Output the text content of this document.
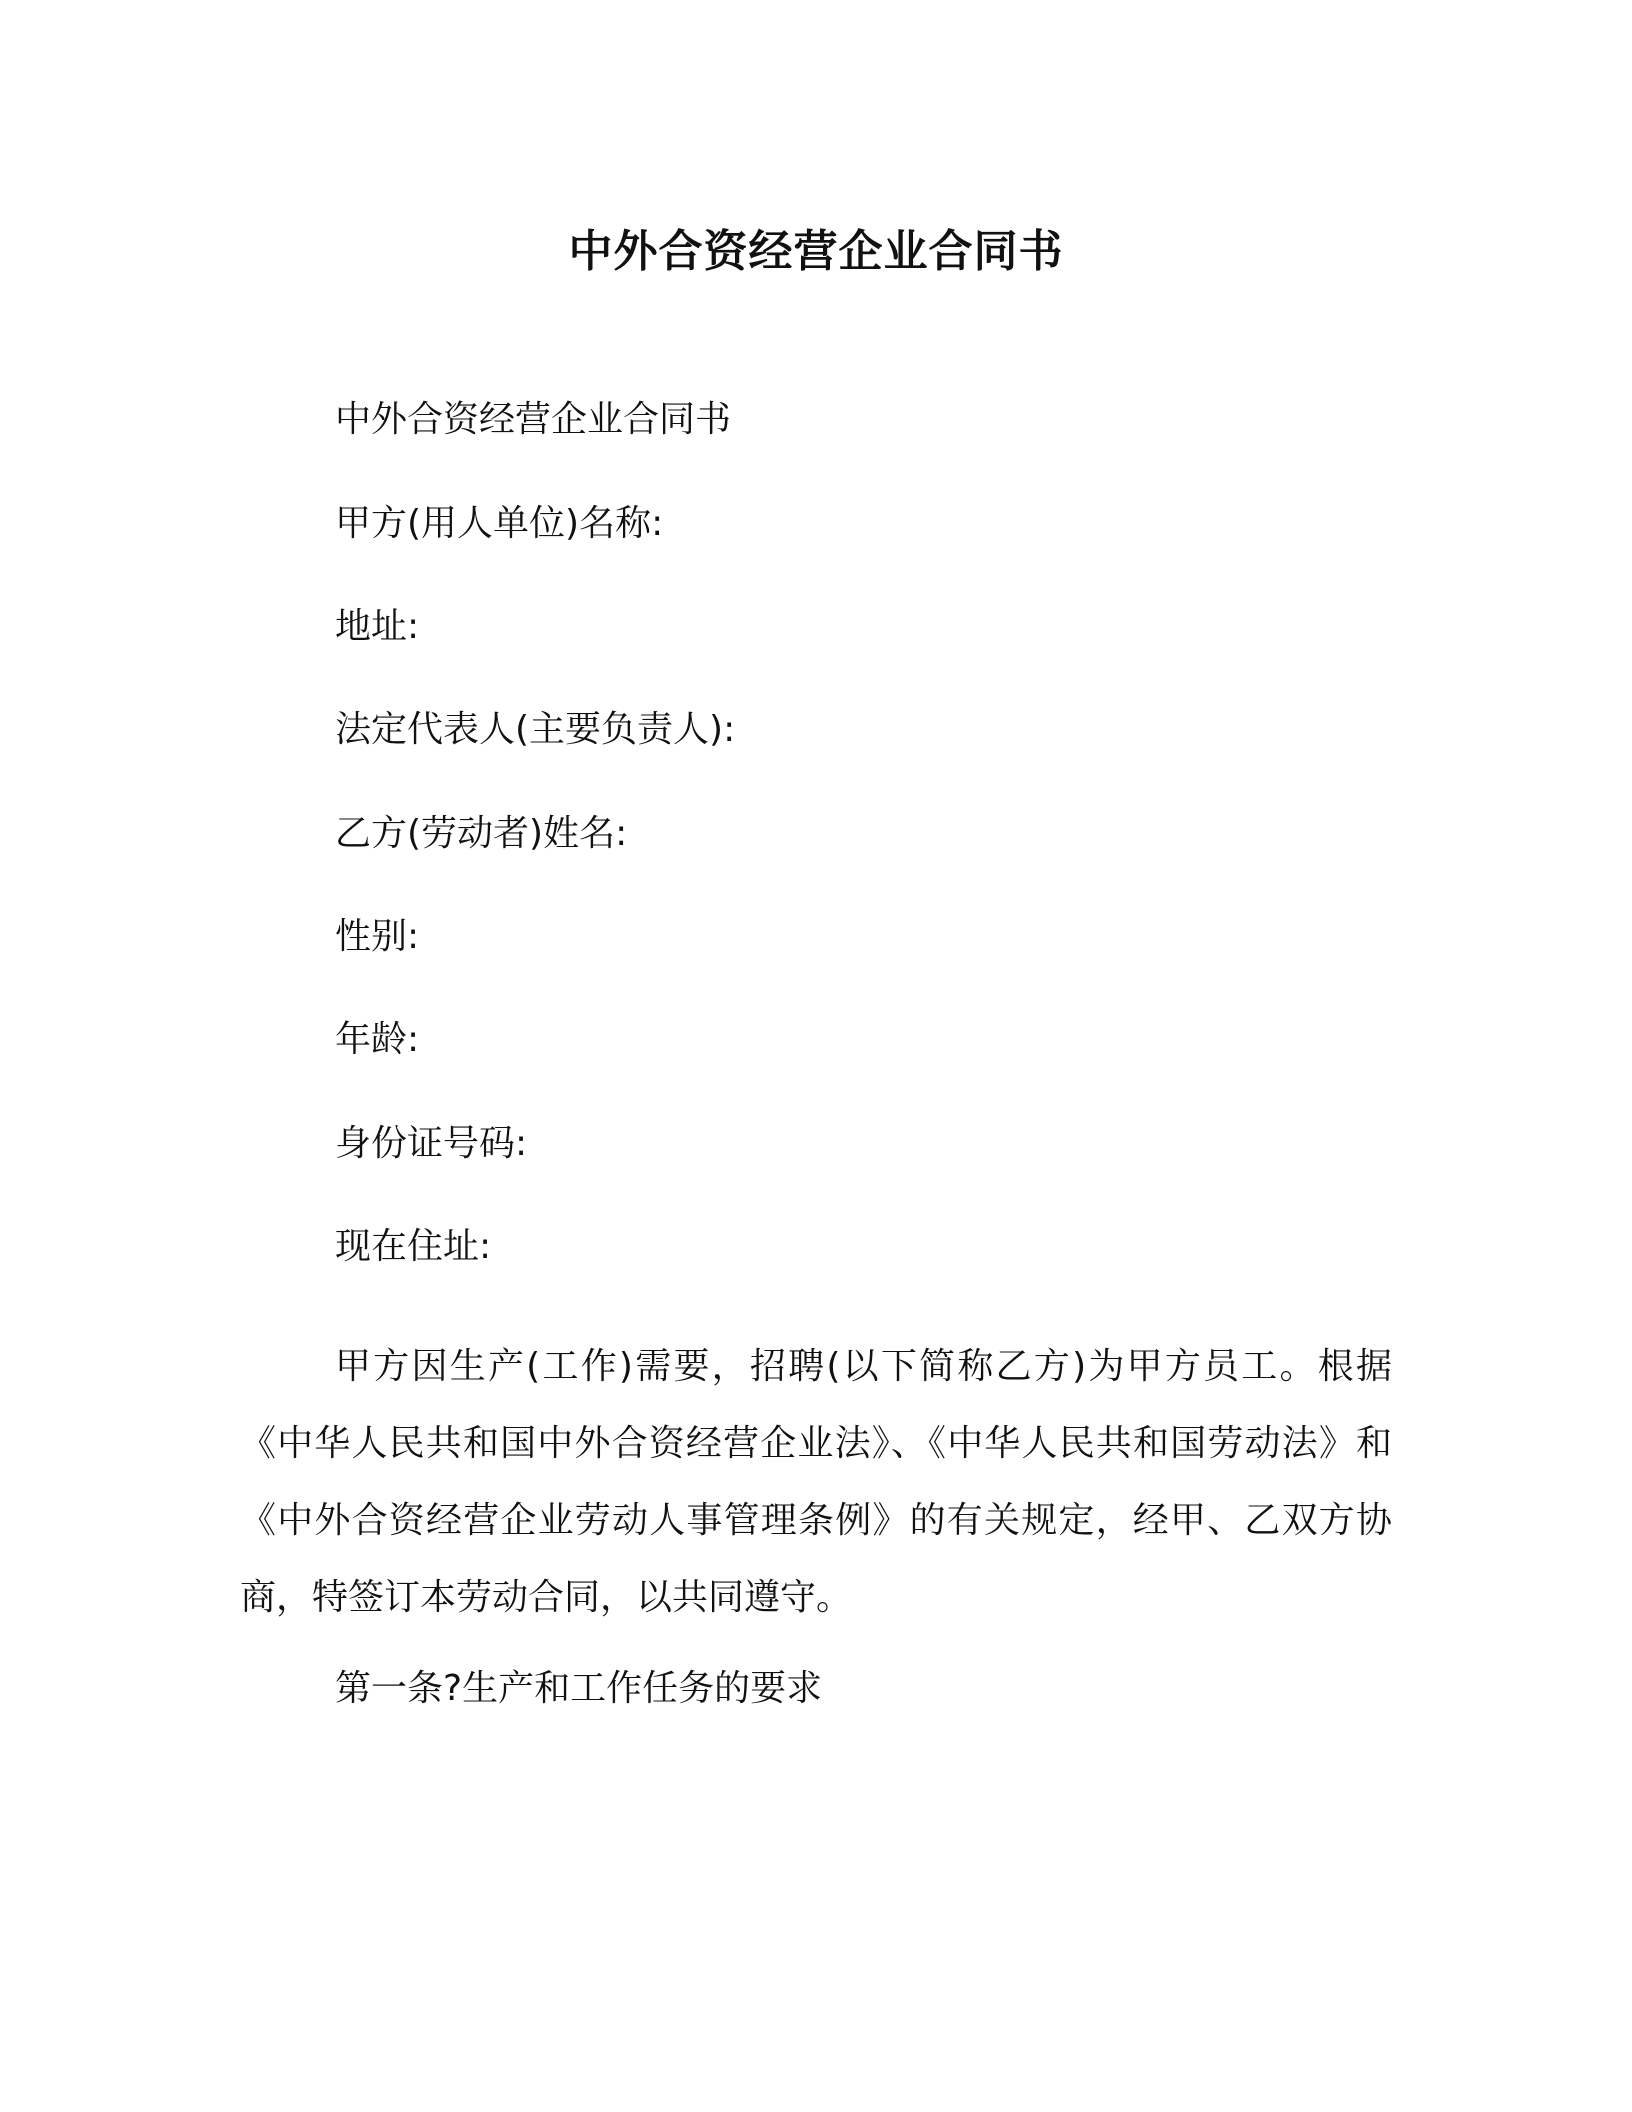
中外合资经营企业合同书
中外合资经营企业合同书
甲方(用人单位)名称:
地址:
法定代表人(主要负责人):
乙方(劳动者)姓名:
性别:
年龄:
身份证号码:
现在住址:

甲方因生产(工作)需要，招聘(以下简称乙方)为甲方员工。根据《中华人民共和国中外合资经营企业法》、《中华人民共和国劳动法》和《中外合资经营企业劳动人事管理条例》的有关规定，经甲、乙双方协商，特签订本劳动合同，以共同遵守。

第一条?生产和工作任务的要求
